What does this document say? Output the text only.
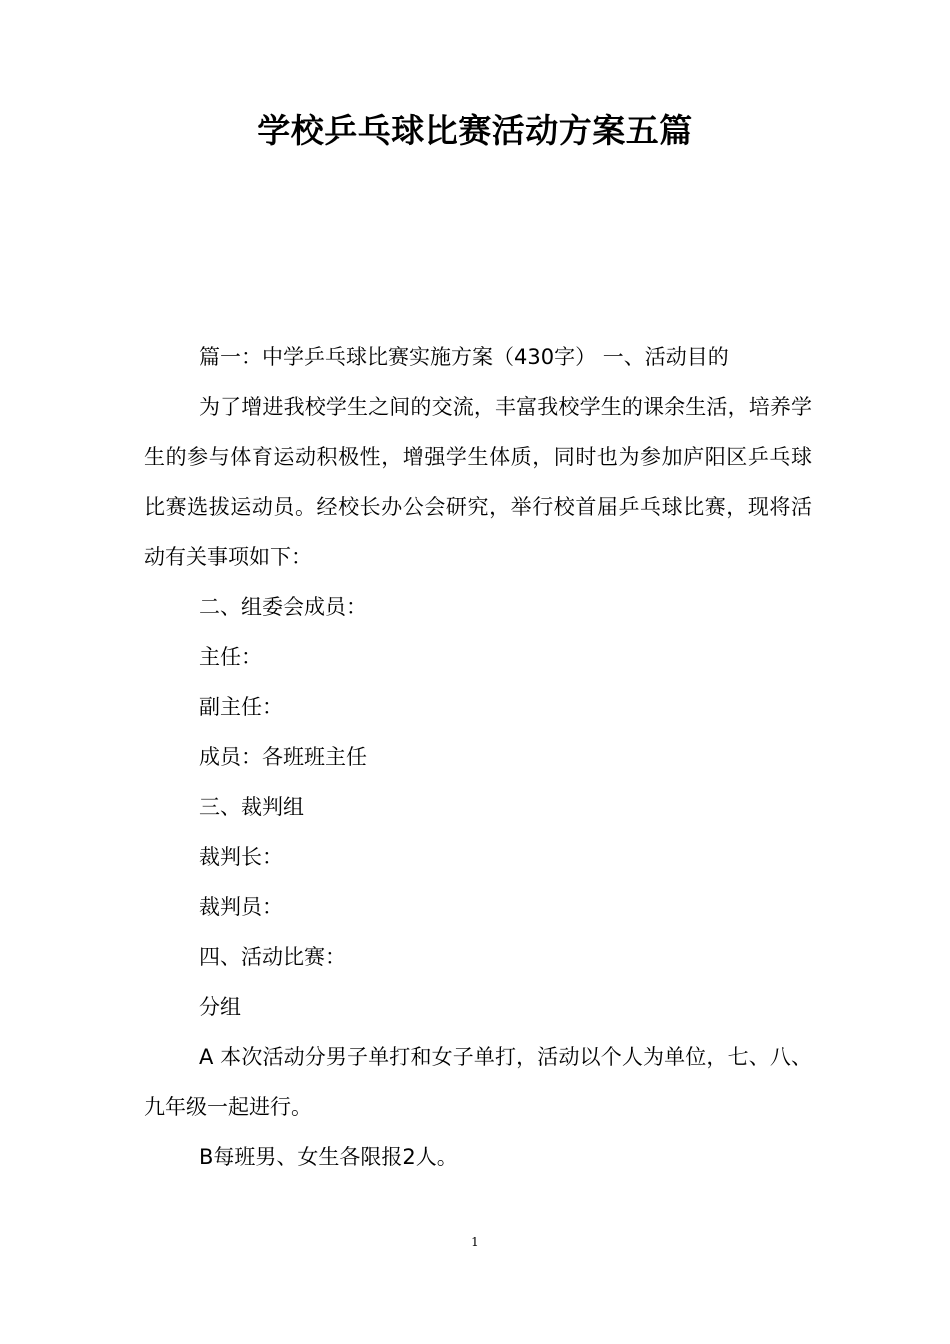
学校乒乓球比赛活动方案五篇

篇一：中学乒乓球比赛实施方案（430字） 一、活动目的

为了增进我校学生之间的交流，丰富我校学生的课余生活，培养学生的参与体育运动积极性，增强学生体质，同时也为参加庐阳区乒乓球比赛选拔运动员。经校长办公会研究，举行校首届乒乓球比赛，现将活动有关事项如下：

二、组委会成员：

主任：

副主任：

成员：各班班主任

三、裁判组

裁判长：

裁判员：

四、活动比赛：

分组

A 本次活动分男子单打和女子单打，活动以个人为单位，七、八、九年级一起进行。

B每班男、女生各限报2人。

1
